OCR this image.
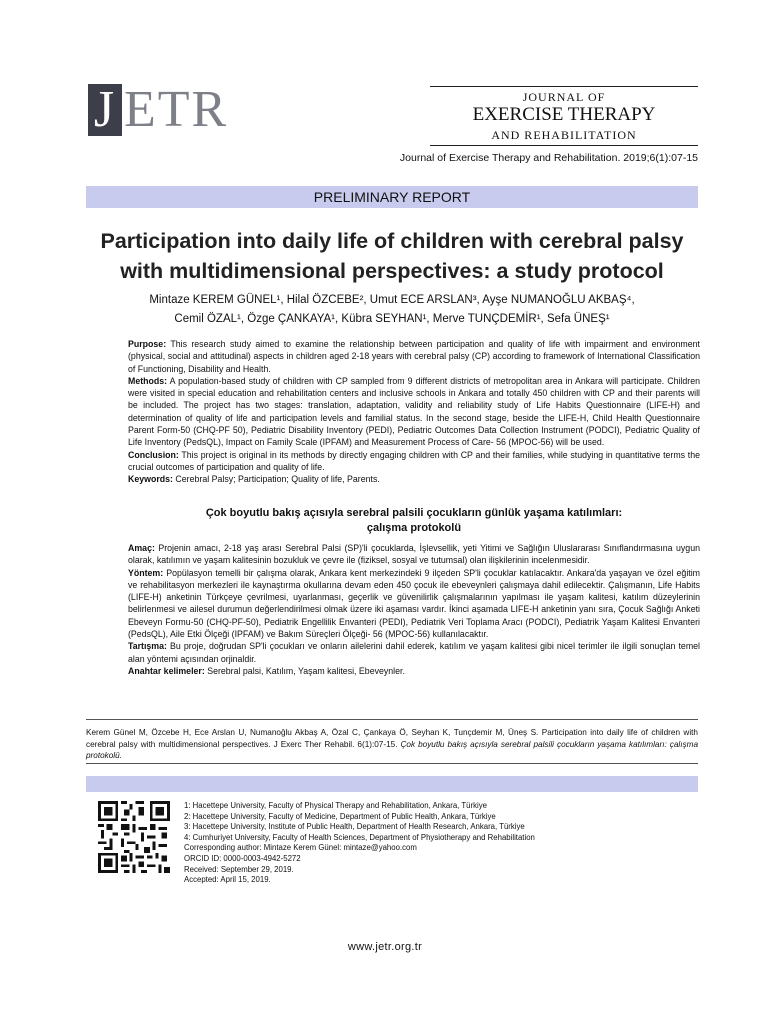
J ETR	JOURNAL OF
EXERCISE THERAPY
AND REHABILITATION
Journal of Exercise Therapy and Rehabilitation. 2019;6(1):07-15
PRELIMINARY REPORT
Participation into daily life of children with cerebral palsy
with multidimensional perspectives: a study protocol
Mintaze KEREM GÜNEL¹, Hilal ÖZCEBE², Umut ECE ARSLAN³, Ayşe NUMANOĞLU AKBAŞ⁴,
Cemil ÖZAL¹, Özge ÇANKAYA¹, Kübra SEYHAN¹, Merve TUNÇDEMİR¹, Sefa ÜNEŞ¹

Purpose: This research study aimed to examine the relationship between participation and quality of life with impairment and environment (physical, social and attitudinal) aspects in children aged 2-18 years with cerebral palsy (CP) according to framework of International Classification of Functioning, Disability and Health.

Methods: A population-based study of children with CP sampled from 9 different districts of metropolitan area in Ankara will participate. Children were visited in special education and rehabilitation centers and inclusive schools in Ankara and totally 450 children with CP and their parents will be included. The project has two stages: translation, adaptation, validity and reliability study of Life Habits Questionnaire (LIFE-H) and determination of quality of life and participation levels and familial status. In the second stage, beside the LIFE-H, Child Health Questionnaire Parent Form-50 (CHQ-PF 50), Pediatric Disability Inventory (PEDI), Pediatric Outcomes Data Collection Instrument (PODCI), Pediatric Quality of Life Inventory (PedsQL), Impact on Family Scale (IPFAM) and Measurement Process of Care- 56 (MPOC-56) will be used.

Conclusion: This project is original in its methods by directly engaging children with CP and their families, while studying in quantitative terms the crucial outcomes of participation and quality of life.

Keywords: Cerebral Palsy; Participation; Quality of life, Parents.

Çok boyutlu bakış açısıyla serebral palsili çocukların günlük yaşama katılımları:
çalışma protokolü

Amaç: Projenin amacı, 2-18 yaş arası Serebral Palsi (SP)'li çocuklarda, İşlevsellik, yeti Yitimi ve Sağlığın Uluslararası Sınıflandırmasına uygun olarak, katılımın ve yaşam kalitesinin bozukluk ve çevre ile (fiziksel, sosyal ve tutumsal) olan ilişkilerinin incelenmesidir.

Yöntem: Popülasyon temelli bir çalışma olarak, Ankara kent merkezindeki 9 ilçeden SP'li çocuklar katılacaktır. Ankara'da yaşayan ve özel eğitim ve rehabilitasyon merkezleri ile kaynaştırma okullarına devam eden 450 çocuk ile ebeveynleri çalışmaya dahil edilecektir. Çalışmanın, Life Habits (LIFE-H) anketinin Türkçeye çevrilmesi, uyarlanması, geçerlik ve güvenilirlik çalışmalarının yapılması ile yaşam kalitesi, katılım düzeylerinin belirlenmesi ve ailesel durumun değerlendirilmesi olmak üzere iki aşaması vardır. İkinci aşamada LIFE-H anketinin yanı sıra, Çocuk Sağlığı Anketi Ebeveyn Formu-50 (CHQ-PF-50), Pediatrik Engellilik Envanteri (PEDI), Pediatrik Veri Toplama Aracı (PODCI), Pediatrik Yaşam Kalitesi Envanteri (PedsQL), Aile Etki Ölçeği (IPFAM) ve Bakım Süreçleri Ölçeği- 56 (MPOC-56) kullanılacaktır.

Tartışma: Bu proje, doğrudan SP'li çocukları ve onların ailelerini dahil ederek, katılım ve yaşam kalitesi gibi nicel terimler ile ilgili sonuçlan temel alan yöntemi açısından orjinaldir.

Anahtar kelimeler: Serebral palsi, Katılım, Yaşam kalitesi, Ebeveynler.

Kerem Günel M, Özcebe H, Ece Arslan U, Numanoğlu Akbaş A, Özal C, Çankaya Ö, Seyhan K, Tunçdemir M, Üneş S. Participation into daily life of children with cerebral palsy with multidimensional perspectives. J Exerc Ther Rehabil. 6(1):07-15. Çok boyutlu bakış açısıyla serebral palsili çocukların yaşama katılımları: çalışma protokolü.
1: Hacettepe University, Faculty of Physical Therapy and Rehabilitation, Ankara, Türkiye
2: Hacettepe University, Faculty of Medicine, Department of Public Health, Ankara, Türkiye
3: Hacettepe University, Institute of Public Health, Department of Health Research, Ankara, Türkiye
4: Cumhuriyet University, Faculty of Health Sciences, Department of Physiotherapy and Rehabilitation
Corresponding author: Mintaze Kerem Günel: mintaze@yahoo.com
ORCID ID: 0000-0003-4942-5272
Received: September 29, 2019.
Accepted: April 15, 2019.
www.jetr.org.tr
